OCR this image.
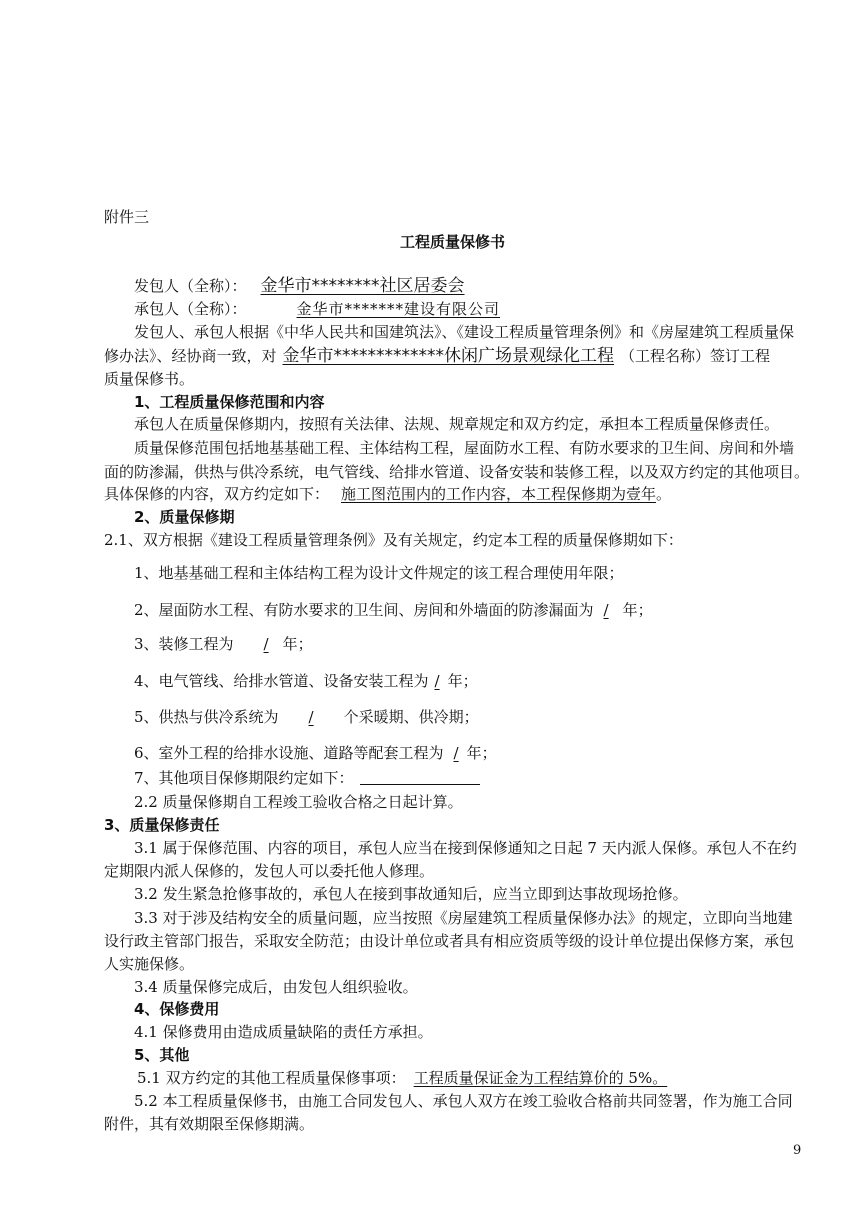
附件三
工程质量保修书
发包人（全称）： 金华市********社区居委会
承包人（全称）：	金华市*******建设有限公司
发包人、承包人根据《中华人民共和国建筑法》、《建设工程质量管理条例》和《房屋建筑工程质量保
修办法》、经协商一致，对 金华市*************休闲广场景观绿化工程 （工程名称）签订工程
质量保修书。
1、工程质量保修范围和内容
承包人在质量保修期内，按照有关法律、法规、规章规定和双方约定，承担本工程质量保修责任。
质量保修范围包括地基基础工程、主体结构工程，屋面防水工程、有防水要求的卫生间、房间和外墙
面的防渗漏，供热与供冷系统，电气管线、给排水管道、设备安装和装修工程，以及双方约定的其他项目。
具体保修的内容，双方约定如下： 施工图范围内的工作内容，本工程保修期为壹年。
2、质量保修期
2.1、双方根据《建设工程质量管理条例》及有关规定，约定本工程的质量保修期如下：
1、地基基础工程和主体结构工程为设计文件规定的该工程合理使用年限；
2、屋面防水工程、有防水要求的卫生间、房间和外墙面的防渗漏面为 / 年；
3、装修工程为 / 年；
4、电气管线、给排水管道、设备安装工程为 / 年；
5、供热与供冷系统为 / 个采暖期、供冷期；
6、室外工程的给排水设施、道路等配套工程为 / 年；
7、其他项目保修期限约定如下：
2.2 质量保修期自工程竣工验收合格之日起计算。
3、质量保修责任
3.1 属于保修范围、内容的项目，承包人应当在接到保修通知之日起 7 天内派人保修。承包人不在约
定期限内派人保修的，发包人可以委托他人修理。
3.2 发生紧急抢修事故的，承包人在接到事故通知后，应当立即到达事故现场抢修。
3.3 对于涉及结构安全的质量问题，应当按照《房屋建筑工程质量保修办法》的规定，立即向当地建
设行政主管部门报告，采取安全防范；由设计单位或者具有相应资质等级的设计单位提出保修方案，承包
人实施保修。
3.4 质量保修完成后，由发包人组织验收。
4、保修费用
4.1 保修费用由造成质量缺陷的责任方承担。
5、其他
5.1 双方约定的其他工程质量保修事项： 工程质量保证金为工程结算价的 5%。
5.2 本工程质量保修书，由施工合同发包人、承包人双方在竣工验收合格前共同签署，作为施工合同
附件，其有效期限至保修期满。
9
